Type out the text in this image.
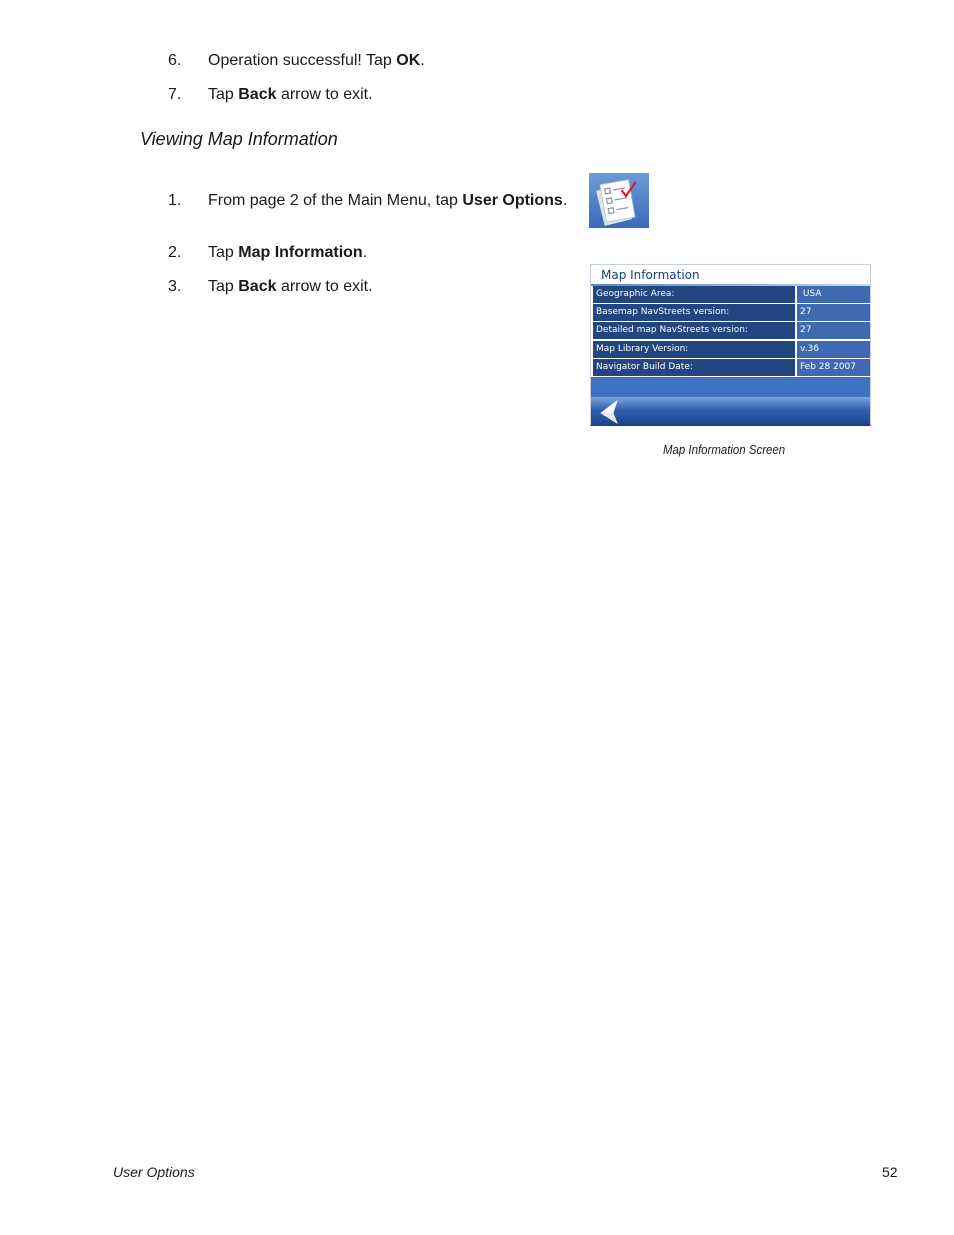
6. Operation successful! Tap OK.
7. Tap Back arrow to exit.
Viewing Map Information
1. From page 2 of the Main Menu, tap User Options.
2. Tap Map Information.
3. Tap Back arrow to exit.
Map Information
Geographic Area:	USA
Basemap NavStreets version:	27
Detailed map NavStreets version:	27
Map Library Version:	v.36
Navigator Build Date:	Feb 28 2007
Map Information Screen
User Options	52
